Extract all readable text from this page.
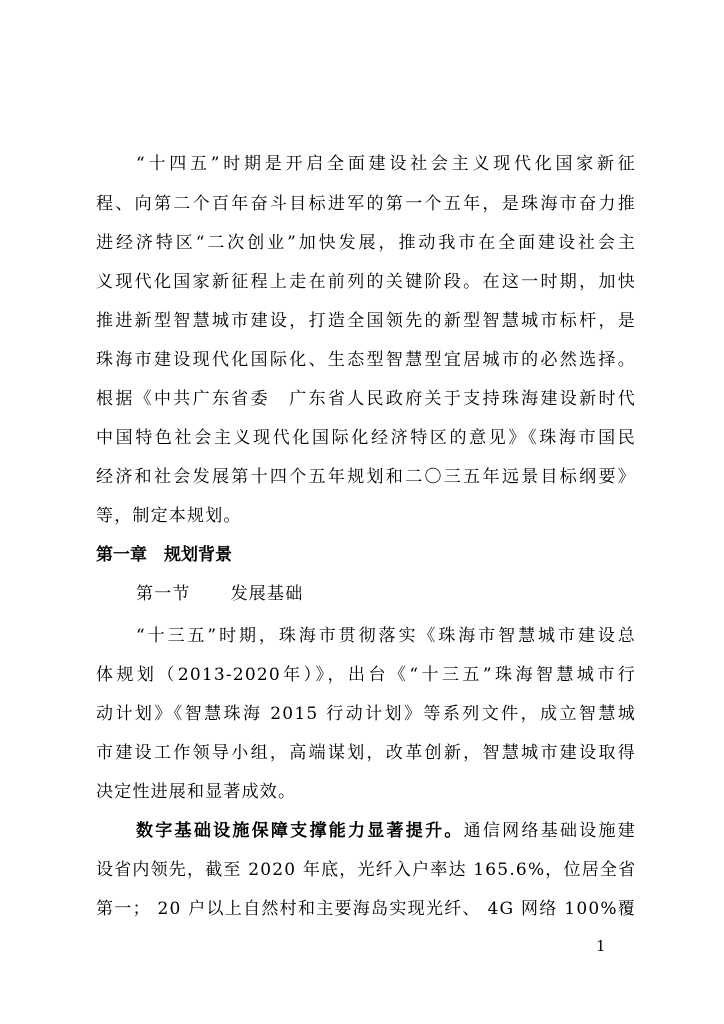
“十四五”时期是开启全面建设社会主义现代化国家新征
程、向第二个百年奋斗目标进军的第一个五年，是珠海市奋力推
进经济特区“二次创业”加快发展，推动我市在全面建设社会主
义现代化国家新征程上走在前列的关键阶段。在这一时期，加快
推进新型智慧城市建设，打造全国领先的新型智慧城市标杆，是
珠海市建设现代化国际化、生态型智慧型宜居城市的必然选择。
根据《中共广东省委　广东省人民政府关于支持珠海建设新时代
中国特色社会主义现代化国际化经济特区的意见》《珠海市国民
经济和社会发展第十四个五年规划和二〇三五年远景目标纲要》
等，制定本规划。
第一章　规划背景
第一节 发展基础
“十三五”时期，珠海市贯彻落实《珠海市智慧城市建设总
体规划（2013-2020年）》，出台《“十三五”珠海智慧城市行
动计划》《智慧珠海 2015 行动计划》等系列文件，成立智慧城
市建设工作领导小组，高端谋划，改革创新，智慧城市建设取得
决定性进展和显著成效。
数字基础设施保障支撑能力显著提升。通信网络基础设施建
设省内领先，截至 2020 年底，光纤入户率达 165.6%，位居全省
第一； 20 户以上自然村和主要海岛实现光纤、 4G 网络 100%覆
1
